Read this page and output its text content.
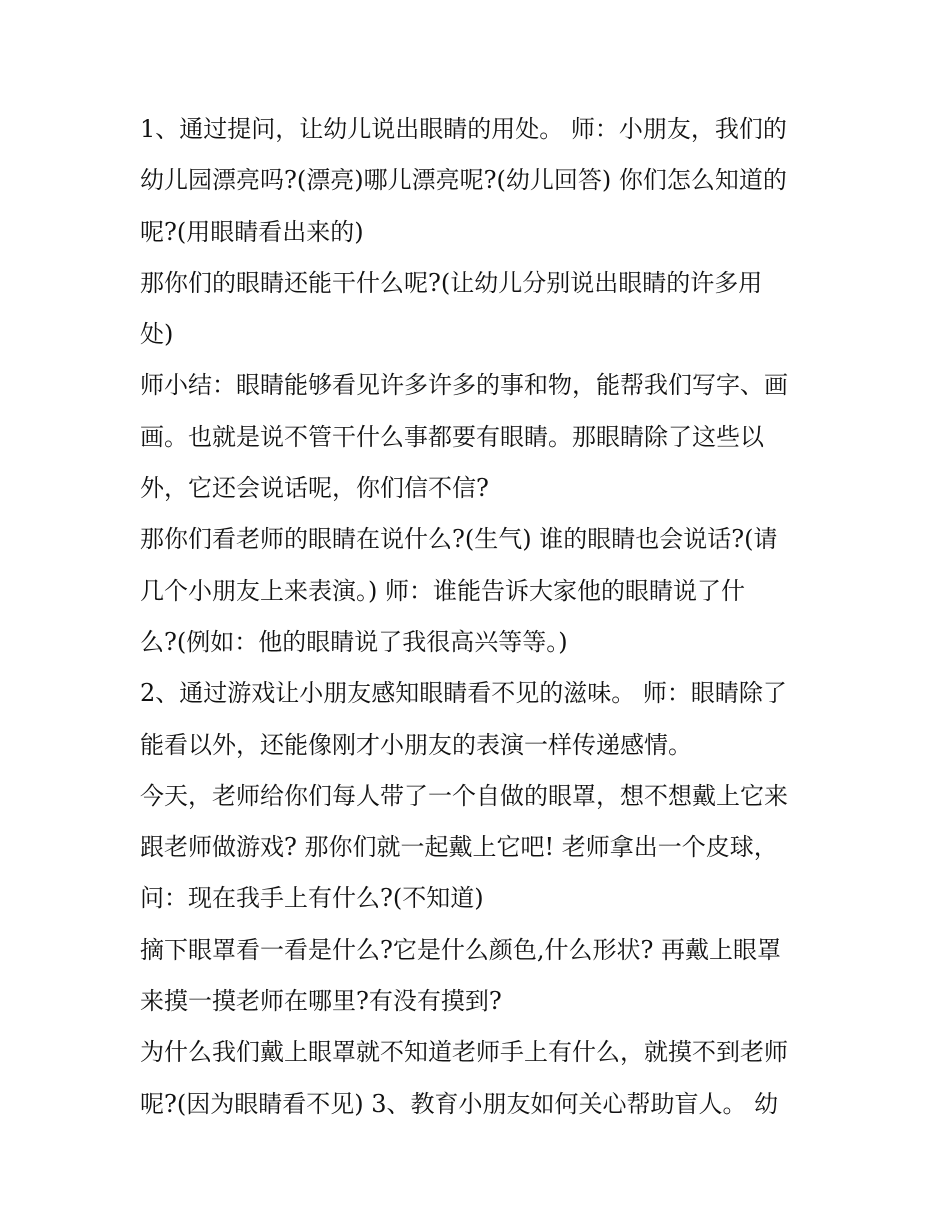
1、通过提问，让幼儿说出眼睛的用处。 师：小朋友，我们的
幼儿园漂亮吗?(漂亮)哪儿漂亮呢?(幼儿回答) 你们怎么知道的
呢?(用眼睛看出来的)
那你们的眼睛还能干什么呢?(让幼儿分别说出眼睛的许多用
处)
师小结：眼睛能够看见许多许多的事和物，能帮我们写字、画
画。也就是说不管干什么事都要有眼睛。那眼睛除了这些以
外，它还会说话呢，你们信不信?
那你们看老师的眼睛在说什么?(生气) 谁的眼睛也会说话?(请
几个小朋友上来表演。) 师：谁能告诉大家他的眼睛说了什
么?(例如：他的眼睛说了我很高兴等等。)
2、通过游戏让小朋友感知眼睛看不见的滋味。 师：眼睛除了
能看以外，还能像刚才小朋友的表演一样传递感情。
今天，老师给你们每人带了一个自做的眼罩，想不想戴上它来
跟老师做游戏? 那你们就一起戴上它吧! 老师拿出一个皮球，
问：现在我手上有什么?(不知道)
摘下眼罩看一看是什么?它是什么颜色,什么形状? 再戴上眼罩
来摸一摸老师在哪里?有没有摸到?
为什么我们戴上眼罩就不知道老师手上有什么，就摸不到老师
呢?(因为眼睛看不见) 3、教育小朋友如何关心帮助盲人。 幼
